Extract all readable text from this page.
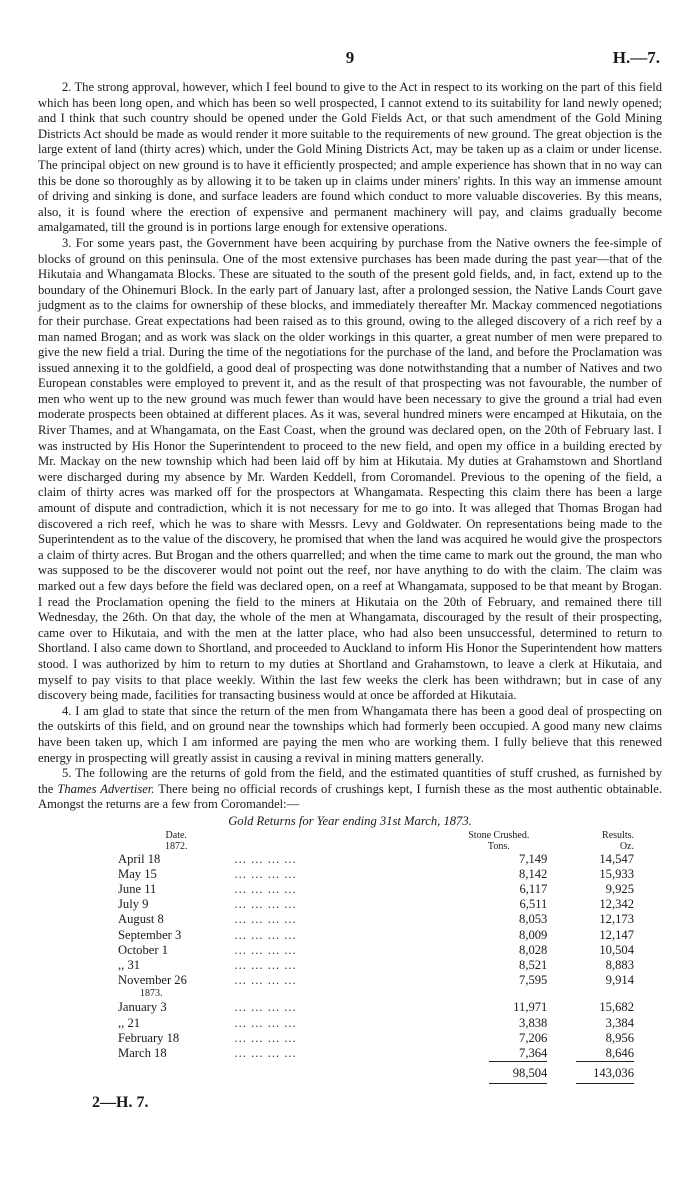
9	H.—7.

2. The strong approval, however, which I feel bound to give to the Act in respect to its working on the part of this field which has been long open, and which has been so well prospected, I cannot extend to its suitability for land newly opened; and I think that such country should be opened under the Gold Fields Act, or that such amendment of the Gold Mining Districts Act should be made as would render it more suitable to the requirements of new ground. The great objection is the large extent of land (thirty acres) which, under the Gold Mining Districts Act, may be taken up as a claim or under license. The principal object on new ground is to have it efficiently prospected; and ample experience has shown that in no way can this be done so thoroughly as by allowing it to be taken up in claims under miners' rights. In this way an immense amount of driving and sinking is done, and surface leaders are found which conduct to more valuable discoveries. By this means, also, it is found where the erection of expensive and permanent machinery will pay, and claims gradually become amalgamated, till the ground is in portions large enough for extensive operations.

3. For some years past, the Government have been acquiring by purchase from the Native owners the fee-simple of blocks of ground on this peninsula. One of the most extensive purchases has been made during the past year—that of the Hikutaia and Whangamata Blocks. These are situated to the south of the present gold fields, and, in fact, extend up to the boundary of the Ohinemuri Block. In the early part of January last, after a prolonged session, the Native Lands Court gave judgment as to the claims for ownership of these blocks, and immediately thereafter Mr. Mackay commenced negotiations for their purchase. Great expectations had been raised as to this ground, owing to the alleged discovery of a rich reef by a man named Brogan; and as work was slack on the older workings in this quarter, a great number of men were prepared to give the new field a trial. During the time of the negotiations for the purchase of the land, and before the Proclamation was issued annexing it to the goldfield, a good deal of prospecting was done notwithstanding that a number of Natives and two European constables were employed to prevent it, and as the result of that prospecting was not favourable, the number of men who went up to the new ground was much fewer than would have been necessary to give the ground a trial had even moderate prospects been obtained at different places. As it was, several hundred miners were encamped at Hikutaia, on the River Thames, and at Whangamata, on the East Coast, when the ground was declared open, on the 20th of February last. I was instructed by His Honor the Superintendent to proceed to the new field, and open my office in a building erected by Mr. Mackay on the new township which had been laid off by him at Hikutaia. My duties at Grahamstown and Shortland were discharged during my absence by Mr. Warden Keddell, from Coromandel. Previous to the opening of the field, a claim of thirty acres was marked off for the prospectors at Whangamata. Respecting this claim there has been a large amount of dispute and contradiction, which it is not necessary for me to go into. It was alleged that Thomas Brogan had discovered a rich reef, which he was to share with Messrs. Levy and Goldwater. On representations being made to the Superintendent as to the value of the discovery, he promised that when the land was acquired he would give the prospectors a claim of thirty acres. But Brogan and the others quarrelled; and when the time came to mark out the ground, the man who was supposed to be the discoverer would not point out the reef, nor have anything to do with the claim. The claim was marked out a few days before the field was declared open, on a reef at Whangamata, supposed to be that meant by Brogan. I read the Proclamation opening the field to the miners at Hikutaia on the 20th of February, and remained there till Wednesday, the 26th. On that day, the whole of the men at Whangamata, discouraged by the result of their prospecting, came over to Hikutaia, and with the men at the latter place, who had also been unsuccessful, determined to return to Shortland. I also came down to Shortland, and proceeded to Auckland to inform His Honor the Superintendent how matters stood. I was authorized by him to return to my duties at Shortland and Grahamstown, to leave a clerk at Hikutaia, and myself to pay visits to that place weekly. Within the last few weeks the clerk has been withdrawn; but in case of any discovery being made, facilities for transacting business would at once be afforded at Hikutaia.

4. I am glad to state that since the return of the men from Whangamata there has been a good deal of prospecting on the outskirts of this field, and on ground near the townships which had formerly been occupied. A good many new claims have been taken up, which I am informed are paying the men who are working them. I fully believe that this renewed energy in prospecting will greatly assist in causing a revival in mining matters generally.

5. The following are the returns of gold from the field, and the estimated quantities of stuff crushed, as furnished by the Thames Advertiser. There being no official records of crushings kept, I furnish these as the most authentic obtainable. Amongst the returns are a few from Coromandel:—

Gold Returns for Year ending 31st March, 1873.
Date.		Stone Crushed.	Results.
1872.		Tons.	Oz.
April 18	... ... ... ...	7,149	14,547
May 15	... ... ... ...	8,142	15,933
June 11	... ... ... ...	6,117	9,925
July 9	... ... ... ...	6,511	12,342
August 8	... ... ... ...	8,053	12,173
September 3	... ... ... ...	8,009	12,147
October 1	... ... ... ...	8,028	10,504
,, 31	... ... ... ...	8,521	8,883
November 26	... ... ... ...	7,595	9,914
1873.			
January 3	... ... ... ...	11,971	15,682
,, 21	... ... ... ...	3,838	3,384
February 18	... ... ... ...	7,206	8,956
March 18	... ... ... ...	7,364	8,646
		98,504	143,036
2—H. 7.
